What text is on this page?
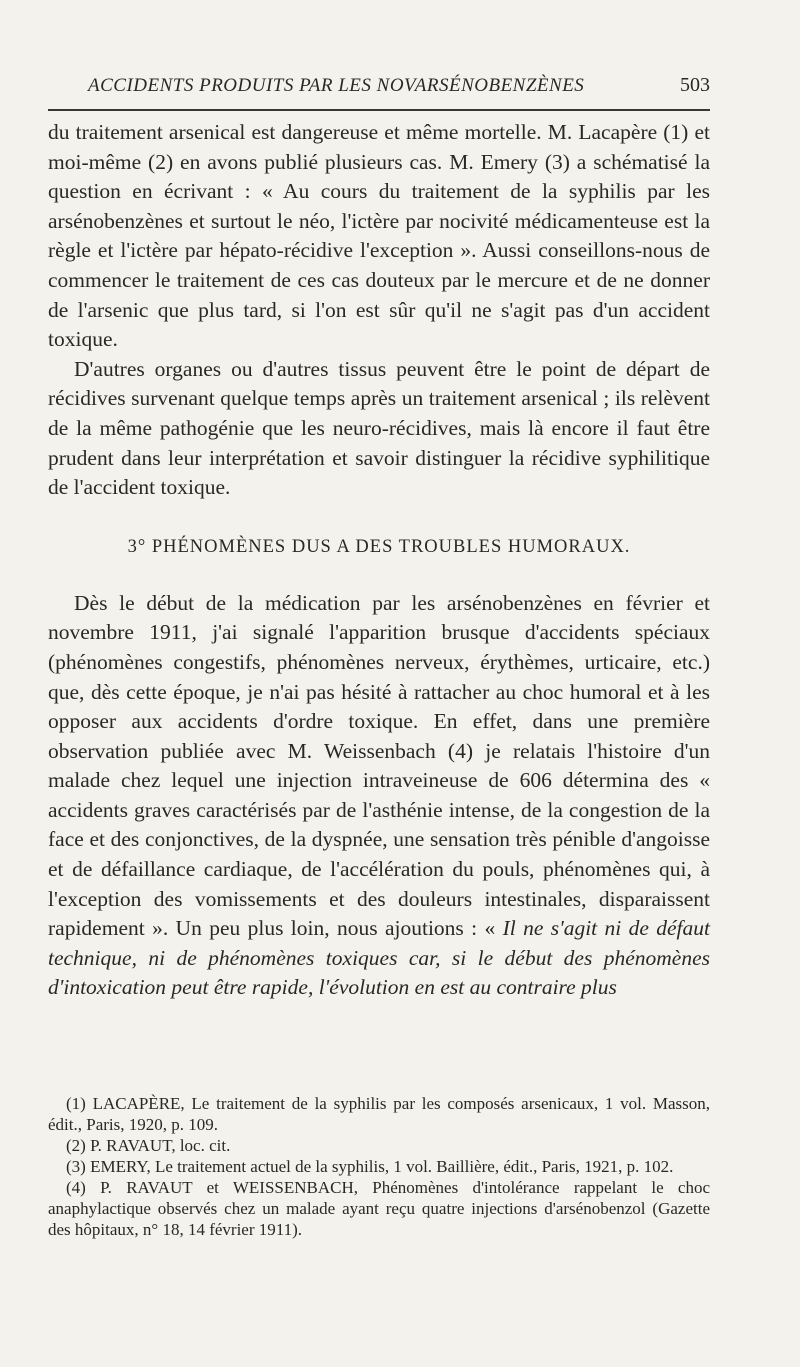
ACCIDENTS PRODUITS PAR LES NOVARSÉNOBENZÈNES	503

du traitement arsenical est dangereuse et même mortelle. M. Lacapère (1) et moi-même (2) en avons publié plusieurs cas. M. Emery (3) a schématisé la question en écrivant : « Au cours du traitement de la syphilis par les arsénobenzènes et surtout le néo, l'ictère par nocivité médicamenteuse est la règle et l'ictère par hépato-récidive l'exception ». Aussi conseillons-nous de commencer le traitement de ces cas douteux par le mercure et de ne donner de l'arsenic que plus tard, si l'on est sûr qu'il ne s'agit pas d'un accident toxique.

D'autres organes ou d'autres tissus peuvent être le point de départ de récidives survenant quelque temps après un traitement arsenical ; ils relèvent de la même pathogénie que les neuro-récidives, mais là encore il faut être prudent dans leur interprétation et savoir distinguer la récidive syphilitique de l'accident toxique.

3° PHÉNOMÈNES DUS A DES TROUBLES HUMORAUX.

Dès le début de la médication par les arsénobenzènes en février et novembre 1911, j'ai signalé l'apparition brusque d'accidents spéciaux (phénomènes congestifs, phénomènes nerveux, érythèmes, urticaire, etc.) que, dès cette époque, je n'ai pas hésité à rattacher au choc humoral et à les opposer aux accidents d'ordre toxique. En effet, dans une première observation publiée avec M. Weissenbach (4) je relatais l'histoire d'un malade chez lequel une injection intraveineuse de 606 détermina des « accidents graves caractérisés par de l'asthénie intense, de la congestion de la face et des conjonctives, de la dyspnée, une sensation très pénible d'angoisse et de défaillance cardiaque, de l'accélération du pouls, phénomènes qui, à l'exception des vomissements et des douleurs intestinales, disparaissent rapidement ». Un peu plus loin, nous ajoutions : « Il ne s'agit ni de défaut technique, ni de phénomènes toxiques car, si le début des phénomènes d'intoxication peut être rapide, l'évolution en est au contraire plus

(1) LACAPÈRE, Le traitement de la syphilis par les composés arsenicaux, 1 vol. Masson, édit., Paris, 1920, p. 109.

(2) P. RAVAUT, loc. cit.

(3) EMERY, Le traitement actuel de la syphilis, 1 vol. Baillière, édit., Paris, 1921, p. 102.

(4) P. RAVAUT et WEISSENBACH, Phénomènes d'intolérance rappelant le choc anaphylactique observés chez un malade ayant reçu quatre injections d'arsénobenzol (Gazette des hôpitaux, n° 18, 14 février 1911).
